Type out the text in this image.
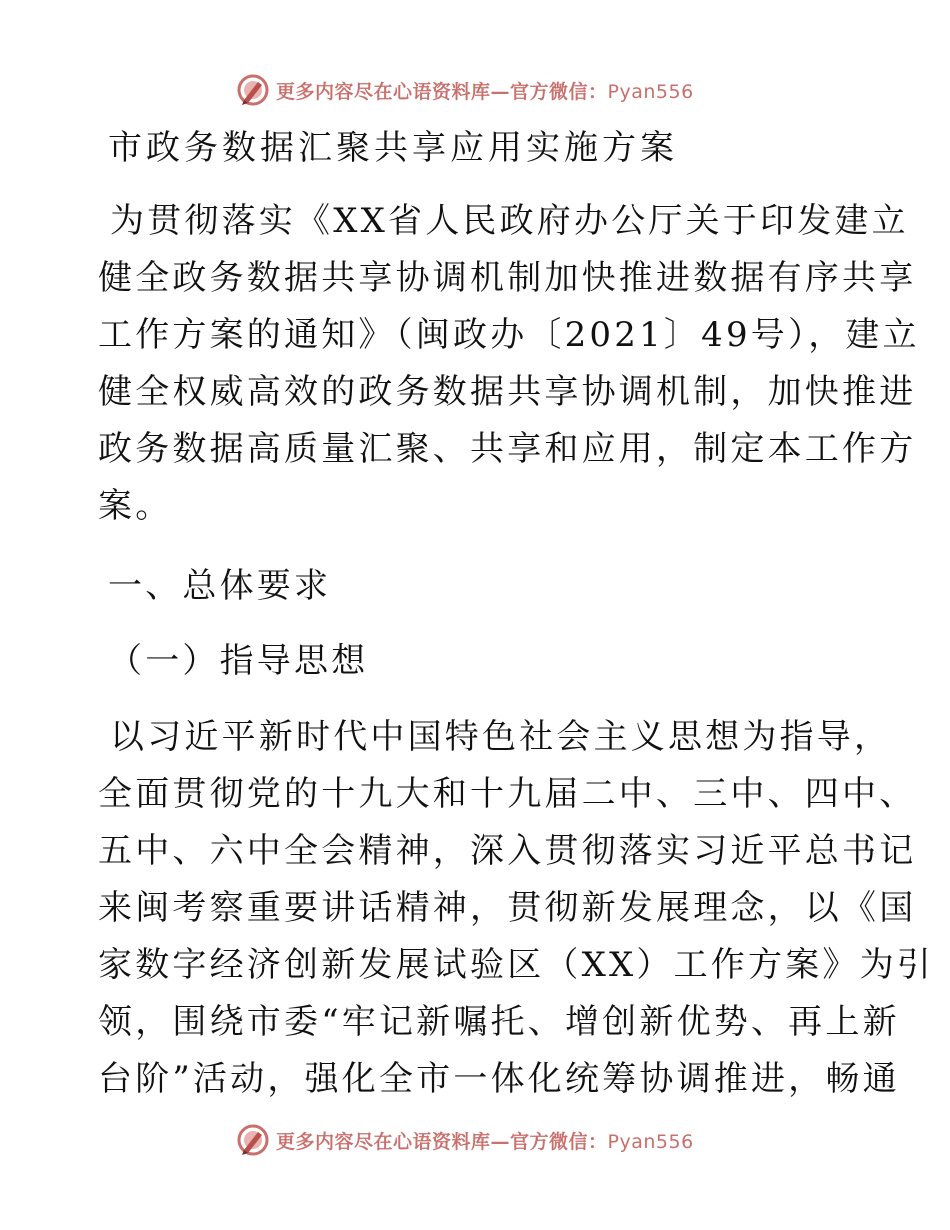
更多内容尽在心语资料库—官方微信：Pyan556
市政务数据汇聚共享应用实施方案
为贯彻落实《XX省人民政府办公厅关于印发建立
健全政务数据共享协调机制加快推进数据有序共享
工作方案的通知》（闽政办〔2021〕49号），建立
健全权威高效的政务数据共享协调机制，加快推进
政务数据高质量汇聚、共享和应用，制定本工作方
案。
一、总体要求
（一）指导思想
以习近平新时代中国特色社会主义思想为指导，
全面贯彻党的十九大和十九届二中、三中、四中、
五中、六中全会精神，深入贯彻落实习近平总书记
来闽考察重要讲话精神，贯彻新发展理念，以《国
家数字经济创新发展试验区（XX）工作方案》为引
领，围绕市委“牢记新嘱托、增创新优势、再上新
台阶”活动，强化全市一体化统筹协调推进，畅通
更多内容尽在心语资料库—官方微信：Pyan556
